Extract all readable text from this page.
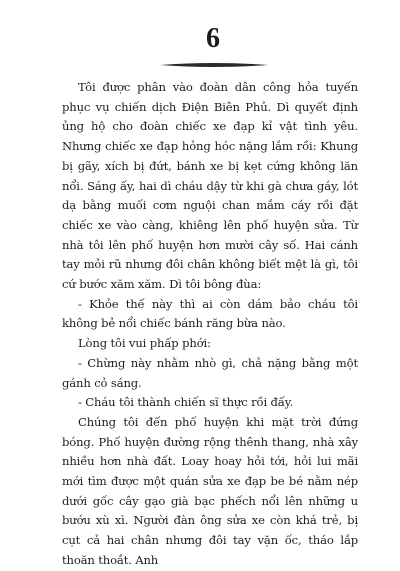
6

Tôi được phân vào đoàn dân công hỏa tuyến phục vụ chiến dịch Điện Biên Phủ. Dì quyết định ủng hộ cho đoàn chiếc xe đạp kỉ vật tình yêu. Nhưng chiếc xe đạp hỏng hóc nặng lắm rồi: Khung bị gãy, xích bị đứt, bánh xe bị kẹt cứng không lăn nổi. Sáng ấy, hai dì cháu dậy từ khi gà chưa gáy, lót dạ bằng muối cơm nguội chan mắm cáy rồi đặt chiếc xe vào càng, khiêng lên phố huyện sửa. Từ nhà tôi lên phố huyện hơn mười cây số. Hai cánh tay mỏi rũ nhưng đôi chân không biết mệt là gì, tôi cứ bước xăm xăm. Dì tôi bông đùa:

- Khỏe thế này thì ai còn dám bảo cháu tôi không bẻ nổi chiếc bánh răng bừa nào.

Lòng tôi vui phấp phới:

- Chừng này nhằm nhò gì, chả nặng bằng một gánh cỏ sáng.

- Cháu tôi thành chiến sĩ thực rồi đấy.

Chúng tôi đến phố huyện khi mặt trời đứng bóng. Phố huyện đường rộng thênh thang, nhà xây nhiều hơn nhà đất. Loay hoay hỏi tới, hỏi lui mãi mới tìm được một quán sửa xe đạp be bé nằm nép dưới gốc cây gạo già bạc phếch nổi lên những u bướu xù xì. Người đàn ông sửa xe còn khá trẻ, bị cụt cả hai chân nhưng đôi tay vặn ốc, tháo lắp thoăn thoắt. Anh
